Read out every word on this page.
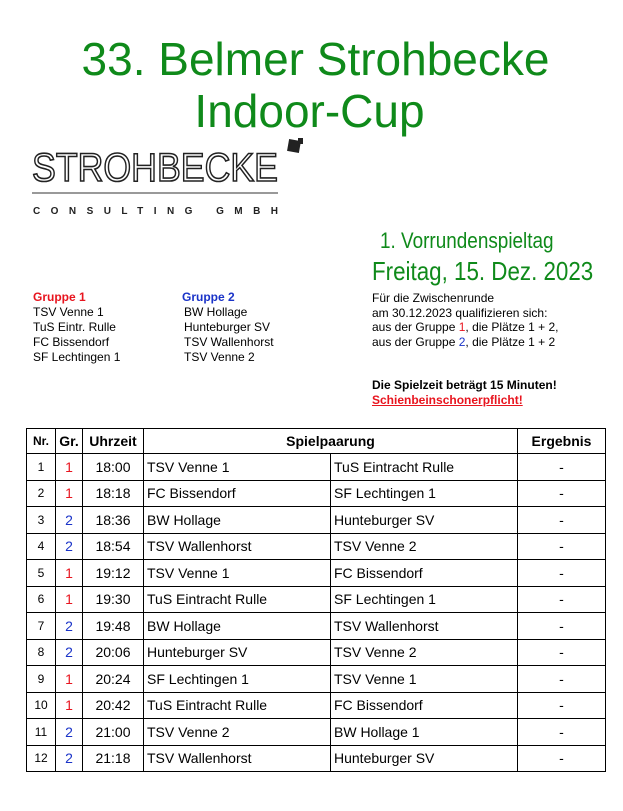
33. Belmer Strohbecke
Indoor-Cup
STROHBECKE
CONSULTING GMBH
1. Vorrundenspieltag
Freitag, 15. Dez. 2023
Gruppe 1
TSV Venne 1
TuS Eintr. Rulle
FC Bissendorf
SF Lechtingen 1
Gruppe 2
BW Hollage
Hunteburger SV
TSV Wallenhorst
TSV Venne 2
Für die Zwischenrunde
am 30.12.2023 qualifizieren sich:
aus der Gruppe 1, die Plätze 1 + 2,
aus der Gruppe 2, die Plätze 1 + 2
Die Spielzeit beträgt 15 Minuten!
Schienbeinschonerpflicht!
Nr.	Gr.	Uhrzeit	Spielpaarung		Ergebnis
1	1	18:00	TSV Venne 1	TuS Eintracht Rulle	-
2	1	18:18	FC Bissendorf	SF Lechtingen 1	-
3	2	18:36	BW Hollage	Hunteburger SV	-
4	2	18:54	TSV Wallenhorst	TSV Venne 2	-
5	1	19:12	TSV Venne 1	FC Bissendorf	-
6	1	19:30	TuS Eintracht Rulle	SF Lechtingen 1	-
7	2	19:48	BW Hollage	TSV Wallenhorst	-
8	2	20:06	Hunteburger SV	TSV Venne 2	-
9	1	20:24	SF Lechtingen 1	TSV Venne 1	-
10	1	20:42	TuS Eintracht Rulle	FC Bissendorf	-
11	2	21:00	TSV Venne 2	BW Hollage 1	-
12	2	21:18	TSV Wallenhorst	Hunteburger SV	-
